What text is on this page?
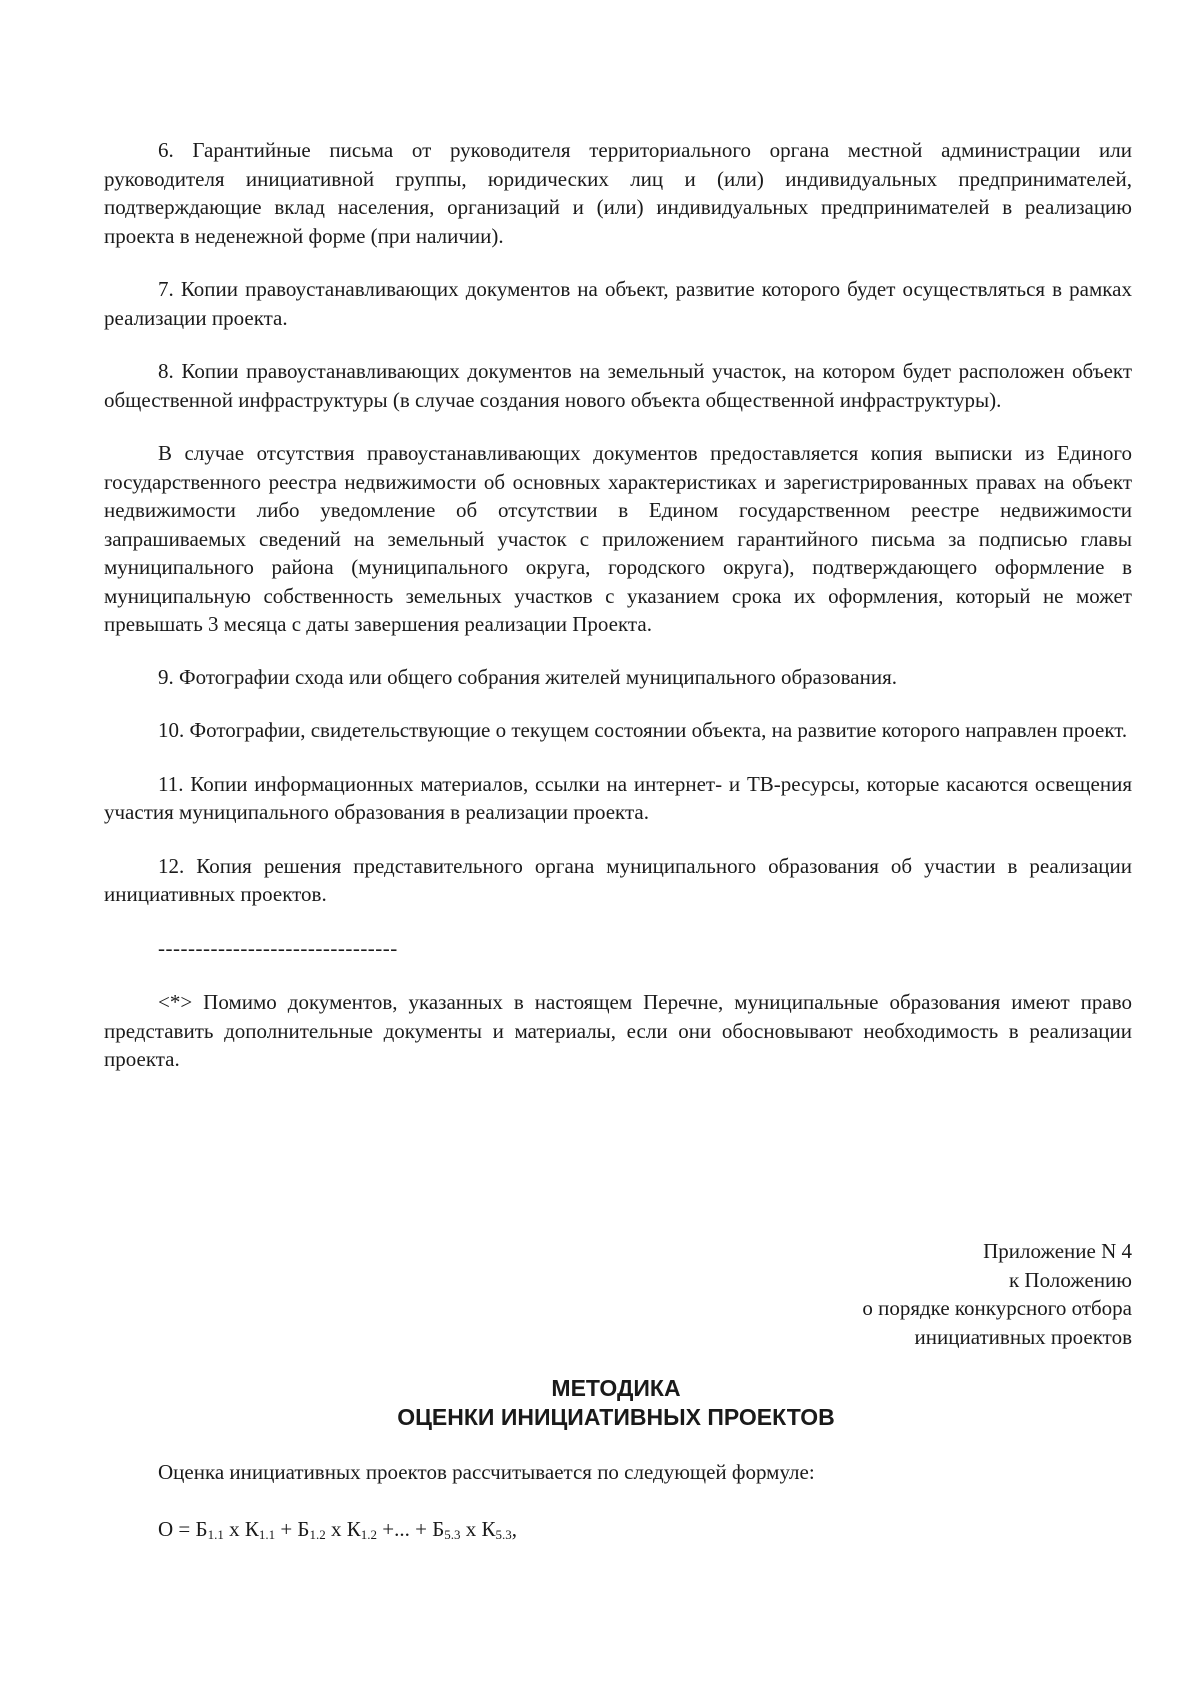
6. Гарантийные письма от руководителя территориального органа местной администрации или руководителя инициативной группы, юридических лиц и (или) индивидуальных предпринимателей, подтверждающие вклад населения, организаций и (или) индивидуальных предпринимателей в реализацию проекта в неденежной форме (при наличии).

7. Копии правоустанавливающих документов на объект, развитие которого будет осуществляться в рамках реализации проекта.

8. Копии правоустанавливающих документов на земельный участок, на котором будет расположен объект общественной инфраструктуры (в случае создания нового объекта общественной инфраструктуры).

В случае отсутствия правоустанавливающих документов предоставляется копия выписки из Единого государственного реестра недвижимости об основных характеристиках и зарегистрированных правах на объект недвижимости либо уведомление об отсутствии в Едином государственном реестре недвижимости запрашиваемых сведений на земельный участок с приложением гарантийного письма за подписью главы муниципального района (муниципального округа, городского округа), подтверждающего оформление в муниципальную собственность земельных участков с указанием срока их оформления, который не может превышать 3 месяца с даты завершения реализации Проекта.

9. Фотографии схода или общего собрания жителей муниципального образования.

10. Фотографии, свидетельствующие о текущем состоянии объекта, на развитие которого направлен проект.

11. Копии информационных материалов, ссылки на интернет- и ТВ-ресурсы, которые касаются освещения участия муниципального образования в реализации проекта.

12. Копия решения представительного органа муниципального образования об участии в реализации инициативных проектов.

--------------------------------

<*> Помимо документов, указанных в настоящем Перечне, муниципальные образования имеют право представить дополнительные документы и материалы, если они обосновывают необходимость в реализации проекта.

Приложение N 4
к Положению
о порядке конкурсного отбора
инициативных проектов
МЕТОДИКА
ОЦЕНКИ ИНИЦИАТИВНЫХ ПРОЕКТОВ
Оценка инициативных проектов рассчитывается по следующей формуле:
$О = Б_{1.1}$ х $К_{1.1} + Б_{1.2}$ х $К_{1.2}$ +... + $Б_{5.3}$ х $К_{5.3}$,
